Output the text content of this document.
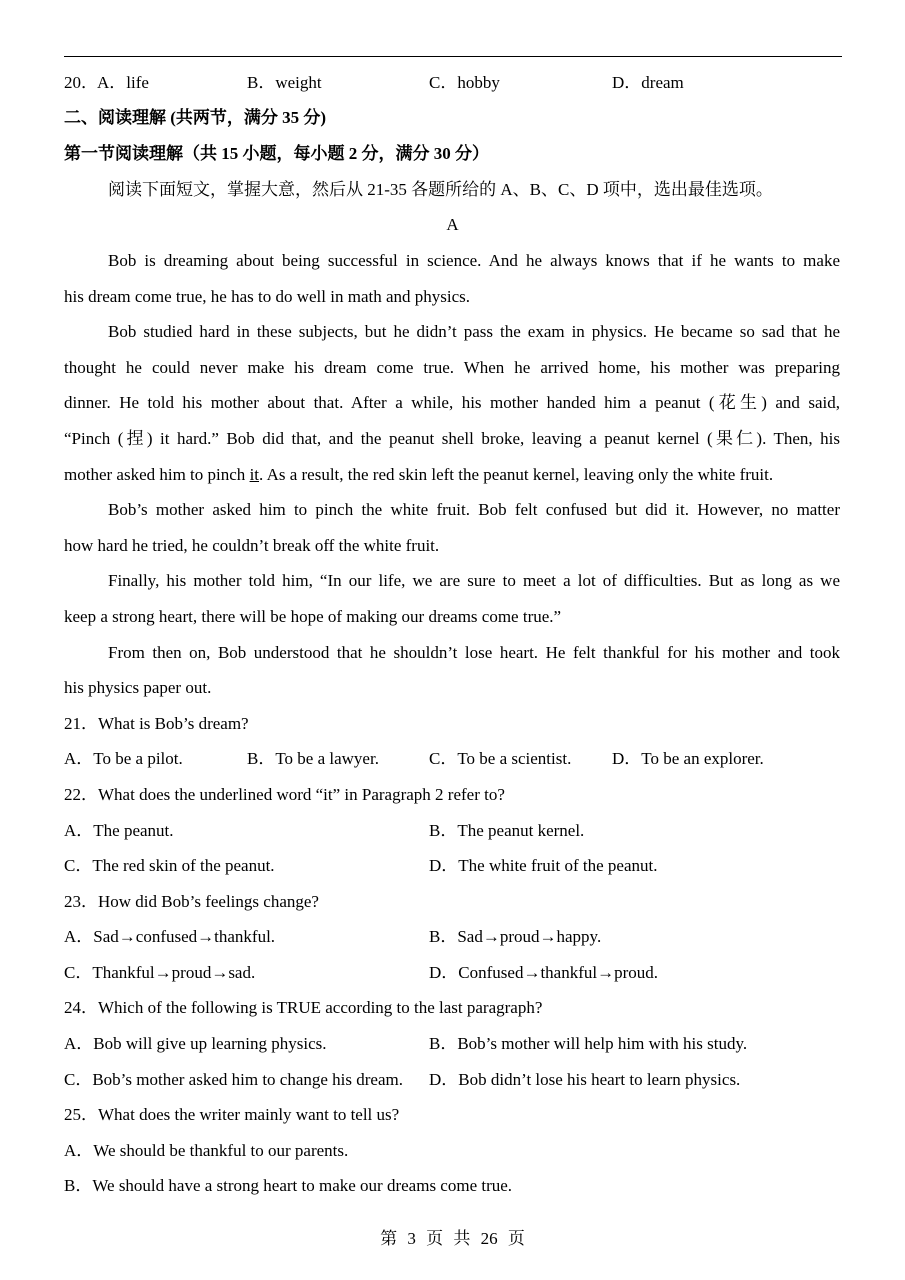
20． A．life	B．weight	C．hobby	D．dream
二、阅读理解 (共两节，满分 35 分)
第一节阅读理解（共 15 小题，每小题 2 分，满分 30 分）
阅读下面短文，掌握大意，然后从 21-35 各题所给的 A、B、C、D 项中，选出最佳选项。
A
Bob is dreaming about being successful in science. And he always knows that if he wants to make
his dream come true, he has to do well in math and physics.
Bob studied hard in these subjects, but he didn’t pass the exam in physics. He became so sad that he
thought he could never make his dream come true. When he arrived home, his mother was preparing
dinner. He told his mother about that. After a while, his mother handed him a peanut (花生) and said,
“Pinch (捏) it hard.” Bob did that, and the peanut shell broke, leaving a peanut kernel (果仁). Then, his
mother asked him to pinch it. As a result, the red skin left the peanut kernel, leaving only the white fruit.
Bob’s mother asked him to pinch the white fruit. Bob felt confused but did it. However, no matter
how hard he tried, he couldn’t break off the white fruit.
Finally, his mother told him, “In our life, we are sure to meet a lot of difficulties. But as long as we
keep a strong heart, there will be hope of making our dreams come true.”
From then on, Bob understood that he shouldn’t lose heart. He felt thankful for his mother and took
his physics paper out.
21．What is Bob’s dream?
A．To be a pilot.	B．To be a lawyer.	C．To be a scientist. D．To be an explorer.
22．What does the underlined word “it” in Paragraph 2 refer to?
A．The peanut.	B．The peanut kernel.
C．The red skin of the peanut.	D．The white fruit of the peanut.
23．How did Bob’s feelings change?
A．Sad→confused→thankful.	B．Sad→proud→happy.
C．Thankful→proud→sad.	D．Confused→thankful→proud.
24．Which of the following is TRUE according to the last paragraph?
A．Bob will give up learning physics.	B．Bob’s mother will help him with his study.
C．Bob’s mother asked him to change his dream. D．Bob didn’t lose his heart to learn physics.
25．What does the writer mainly want to tell us?
A．We should be thankful to our parents.
B．We should have a strong heart to make our dreams come true.
第 3 页 共 26 页
